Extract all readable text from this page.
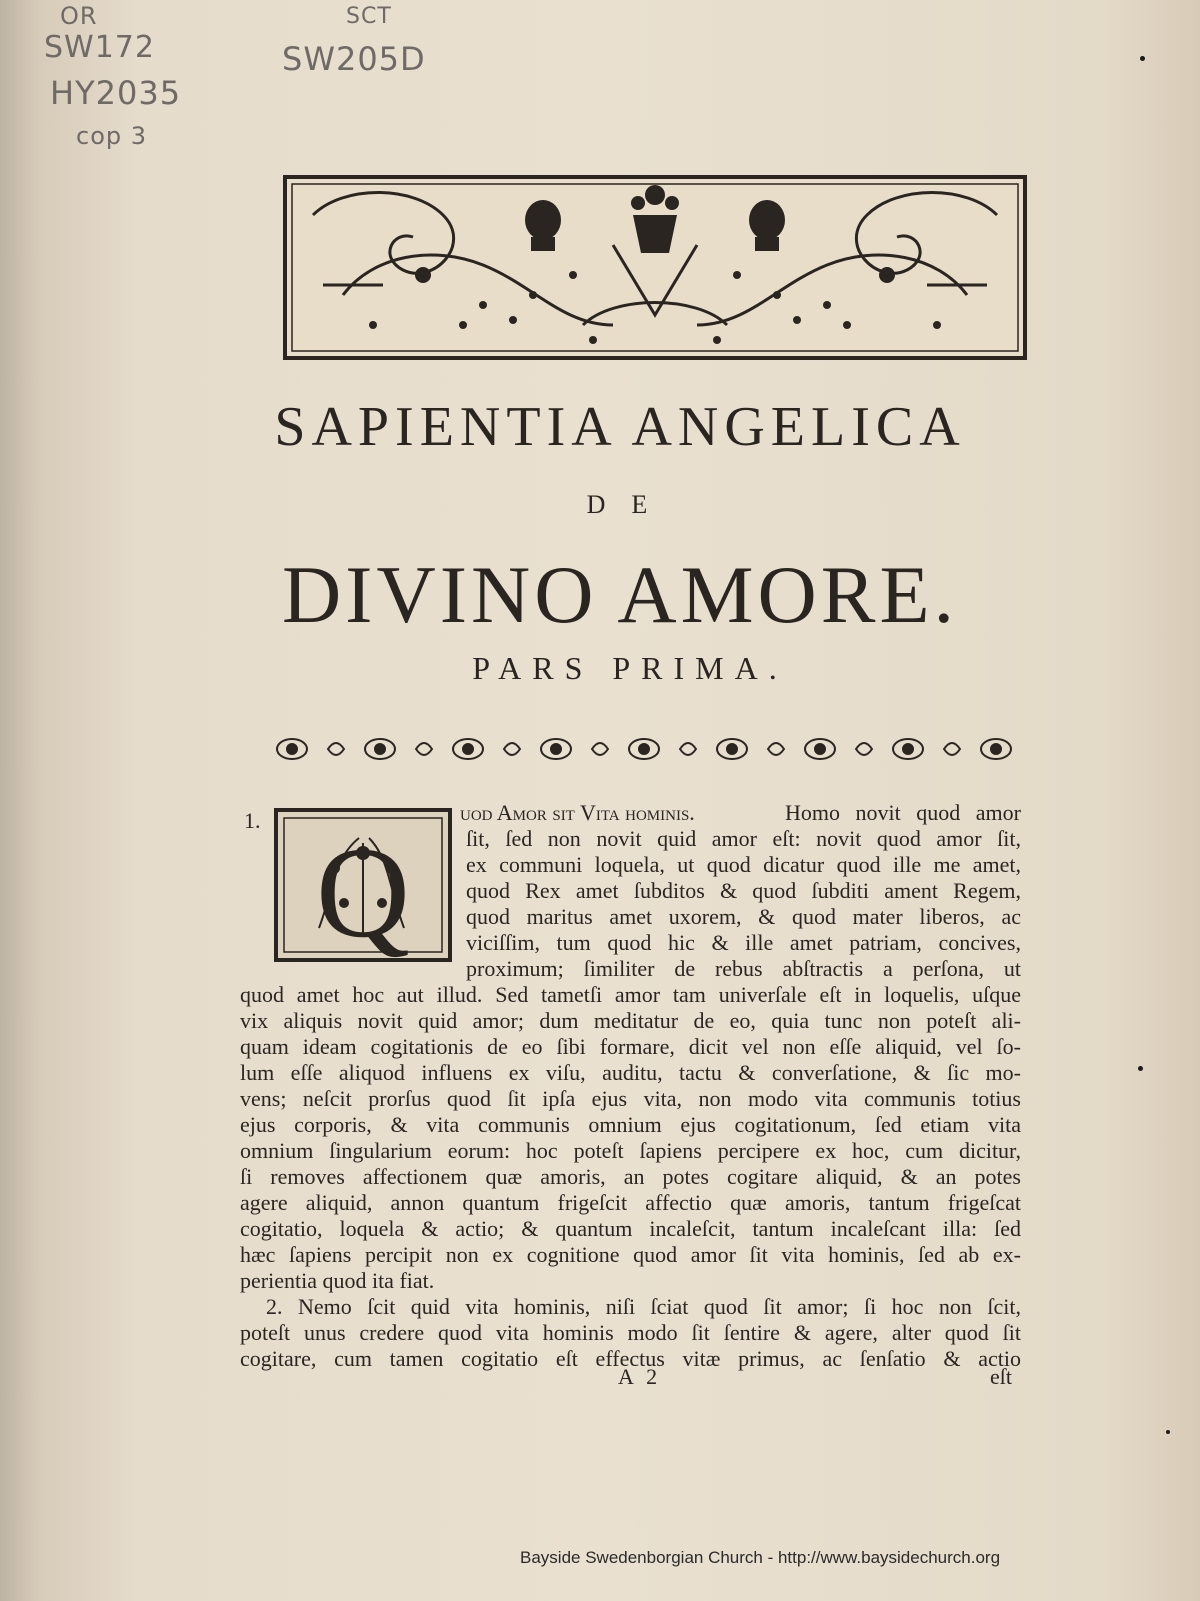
OR
SW172
HY2035
cop 3
SCT
SW205D
SAPIENTIA ANGELICA
DE
DIVINO AMORE.
PARS PRIMA.
1.
Q
uod Amor sit Vita hominis.	Homo novit quod amor
ſit, ſed non novit quid amor eſt: novit quod amor ſit,
ex communi loquela, ut quod dicatur quod ille me amet,
quod Rex amet ſubditos & quod ſubditi ament Regem,
quod maritus amet uxorem, & quod mater liberos, ac
viciſſim, tum quod hic & ille amet patriam, concives,
proximum; ſimiliter de rebus abſtractis a perſona, ut
quod amet hoc aut illud. Sed tametſi amor tam univerſale eſt in loquelis, uſque
vix aliquis novit quid amor; dum meditatur de eo, quia tunc non poteſt ali-
quam ideam cogitationis de eo ſibi formare, dicit vel non eſſe aliquid, vel ſo-
lum eſſe aliquod influens ex viſu, auditu, tactu & converſatione, & ſic mo-
vens; neſcit prorſus quod ſit ipſa ejus vita, non modo vita communis totius
ejus corporis, & vita communis omnium ejus cogitationum, ſed etiam vita
omnium ſingularium eorum: hoc poteſt ſapiens percipere ex hoc, cum dicitur,
ſi removes affectionem quæ amoris, an potes cogitare aliquid, & an potes
agere aliquid, annon quantum frigeſcit affectio quæ amoris, tantum frigeſcat
cogitatio, loquela & actio; & quantum incaleſcit, tantum incaleſcant illa: ſed
hæc ſapiens percipit non ex cognitione quod amor ſit vita hominis, ſed ab ex-
perientia quod ita fiat.
2. Nemo ſcit quid vita hominis, niſi ſciat quod ſit amor; ſi hoc non ſcit,
poteſt unus credere quod vita hominis modo ſit ſentire & agere, alter quod ſit
cogitare, cum tamen cogitatio eſt effectus vitæ primus, ac ſenſatio & actio
A 2	eſt
Bayside Swedenborgian Church - http://www.baysidechurch.org
